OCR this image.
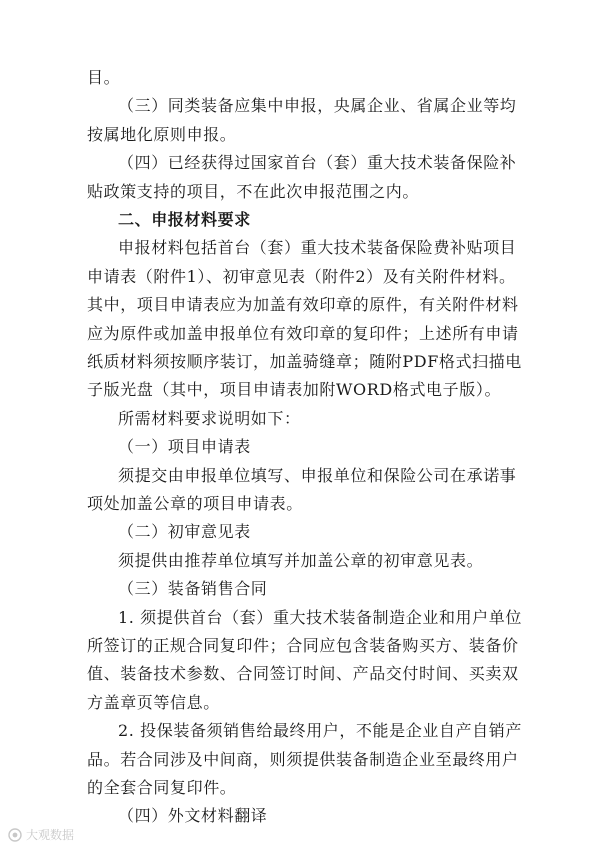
目。
（三）同类装备应集中申报，央属企业、省属企业等均
按属地化原则申报。
（四）已经获得过国家首台（套）重大技术装备保险补
贴政策支持的项目，不在此次申报范围之内。
二、申报材料要求
申报材料包括首台（套）重大技术装备保险费补贴项目
申请表（附件1）、初审意见表（附件2）及有关附件材料。
其中，项目申请表应为加盖有效印章的原件，有关附件材料
应为原件或加盖申报单位有效印章的复印件；上述所有申请
纸质材料须按顺序装订，加盖骑缝章；随附PDF格式扫描电
子版光盘（其中，项目申请表加附WORD格式电子版）。
所需材料要求说明如下：
（一）项目申请表
须提交由申报单位填写、申报单位和保险公司在承诺事
项处加盖公章的项目申请表。
（二）初审意见表
须提供由推荐单位填写并加盖公章的初审意见表。
（三）装备销售合同
1. 须提供首台（套）重大技术装备制造企业和用户单位
所签订的正规合同复印件；合同应包含装备购买方、装备价
值、装备技术参数、合同签订时间、产品交付时间、买卖双
方盖章页等信息。
2. 投保装备须销售给最终用户，不能是企业自产自销产
品。若合同涉及中间商，则须提供装备制造企业至最终用户
的全套合同复印件。
（四）外文材料翻译
大观数据
